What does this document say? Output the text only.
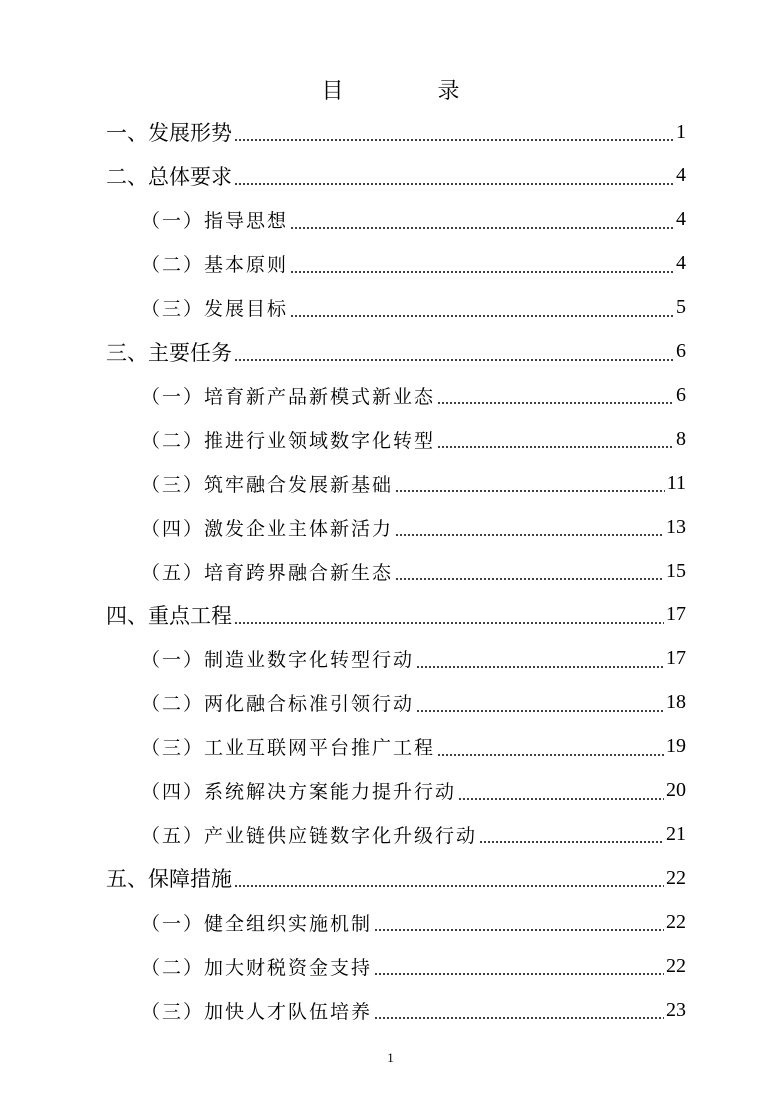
目　录
一、发展形势	1
二、总体要求	4
（一）指导思想	4
（二）基本原则	4
（三）发展目标	5
三、主要任务	6
（一）培育新产品新模式新业态	6
（二）推进行业领域数字化转型	8
（三）筑牢融合发展新基础	11
（四）激发企业主体新活力	13
（五）培育跨界融合新生态	15
四、重点工程	17
（一）制造业数字化转型行动	17
（二）两化融合标准引领行动	18
（三）工业互联网平台推广工程	19
（四）系统解决方案能力提升行动	20
（五）产业链供应链数字化升级行动	21
五、保障措施	22
（一）健全组织实施机制	22
（二）加大财税资金支持	22
（三）加快人才队伍培养	23
1
